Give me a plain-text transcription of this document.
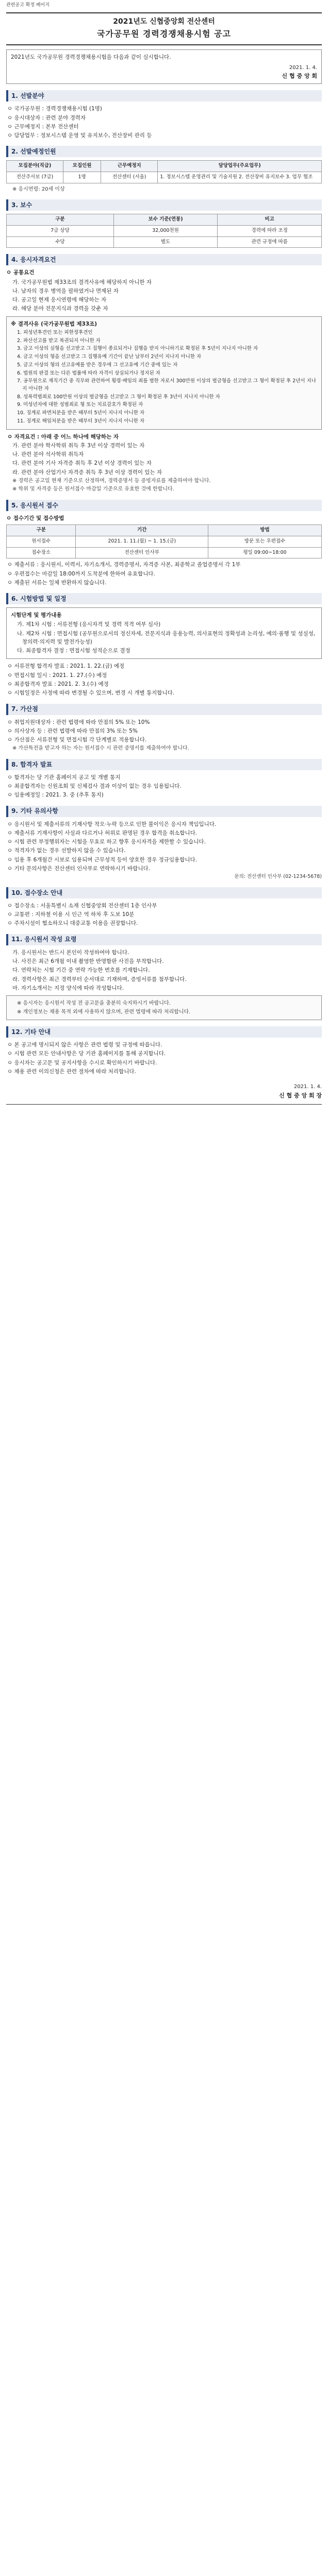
관련공고 확정 페이지
2021년도 신협중앙회 전산센터
국가공무원 경력경쟁채용시험 공고
2021년도 국가공무원 경력경쟁채용시험을 다음과 같이 실시합니다.
2021. 1. 4.
신 협 중 앙 회
1. 선발분야
ㅇ 국가공무원 : 경력경쟁채용시험 (1명)
ㅇ 응시대상자 : 관련 분야 경력자
ㅇ 근무예정지 : 본부 전산센터
ㅇ 담당업무 : 정보시스템 운영 및 유지보수, 전산장비 관리 등
2. 선발예정인원
모집분야(직급)	모집인원	근무예정지	담당업무(주요업무)
전산주사보 (7급)	1명	전산센터 (서울)	1. 정보시스템 운영관리 및 기술지원 2. 전산장비 유지보수 3. 업무 협조
※ 응시연령: 20세 이상
3. 보수
구분	보수 기준(연봉)	비고
7급 상당	32,000천원	경력에 따라 조정
수당	별도	관련 규정에 따름
4. 응시자격요건
ㅇ 공통요건
가. 국가공무원법 제33조의 결격사유에 해당하지 아니한 자
나. 남자의 경우 병역을 필하였거나 면제된 자
다. 공고일 현재 응시연령에 해당하는 자
라. 해당 분야 전문지식과 경력을 갖춘 자
※ 결격사유 (국가공무원법 제33조)
1. 피성년후견인 또는 피한정후견인
2. 파산선고를 받고 복권되지 아니한 자
3. 금고 이상의 실형을 선고받고 그 집행이 종료되거나 집행을 받지 아니하기로 확정된 후 5년이 지나지 아니한 자
4. 금고 이상의 형을 선고받고 그 집행유예 기간이 끝난 날부터 2년이 지나지 아니한 자
5. 금고 이상의 형의 선고유예를 받은 경우에 그 선고유예 기간 중에 있는 자
6. 법원의 판결 또는 다른 법률에 따라 자격이 상실되거나 정지된 자
7. 공무원으로 재직기간 중 직무와 관련하여 횡령·배임의 죄를 범한 자로서 300만원 이상의 벌금형을 선고받고 그 형이 확정된 후 2년이 지나지 아니한 자
8. 성폭력범죄로 100만원 이상의 벌금형을 선고받고 그 형이 확정된 후 3년이 지나지 아니한 자
9. 미성년자에 대한 성범죄로 형 또는 치료감호가 확정된 자
10. 징계로 파면처분을 받은 때부터 5년이 지나지 아니한 자
11. 징계로 해임처분을 받은 때부터 3년이 지나지 아니한 자
ㅇ 자격요건 : 아래 중 어느 하나에 해당하는 자
가. 관련 분야 학사학위 취득 후 3년 이상 경력이 있는 자
나. 관련 분야 석사학위 취득자
다. 관련 분야 기사 자격증 취득 후 2년 이상 경력이 있는 자
라. 관련 분야 산업기사 자격증 취득 후 3년 이상 경력이 있는 자
※ 경력은 공고일 현재 기준으로 산정하며, 경력증명서 등 증빙자료를 제출하여야 합니다.
※ 학위 및 자격증 등은 원서접수 마감일 기준으로 유효한 것에 한합니다.
5. 응시원서 접수
ㅇ 접수기간 및 접수방법
구분	기간	방법
원서접수	2021. 1. 11.(월) ~ 1. 15.(금)	방문 또는 우편접수
접수장소	전산센터 인사부	평일 09:00~18:00
ㅇ 제출서류 : 응시원서, 이력서, 자기소개서, 경력증명서, 자격증 사본, 최종학교 졸업증명서 각 1부
ㅇ 우편접수는 마감일 18:00까지 도착분에 한하여 유효합니다.
ㅇ 제출된 서류는 일체 반환하지 않습니다.
6. 시험방법 및 일정
시험단계 및 평가내용
가. 제1차 시험 : 서류전형 (응시자격 및 경력 적격 여부 심사)
나. 제2차 시험 : 면접시험 (공무원으로서의 정신자세, 전문지식과 응용능력, 의사표현의 정확성과 논리성, 예의·품행 및 성실성, 창의력·의지력 및 발전가능성)
다. 최종합격자 결정 : 면접시험 성적순으로 결정
ㅇ 서류전형 합격자 발표 : 2021. 1. 22.(금) 예정
ㅇ 면접시험 일시 : 2021. 1. 27.(수) 예정
ㅇ 최종합격자 발표 : 2021. 2. 3.(수) 예정
ㅇ 시험일정은 사정에 따라 변경될 수 있으며, 변경 시 개별 통지합니다.
7. 가산점
ㅇ 취업지원대상자 : 관련 법령에 따라 만점의 5% 또는 10%
ㅇ 의사상자 등 : 관련 법령에 따라 만점의 3% 또는 5%
ㅇ 가산점은 서류전형 및 면접시험 각 단계별로 적용합니다.
※ 가산특전을 받고자 하는 자는 원서접수 시 관련 증명서를 제출하여야 합니다.
8. 합격자 발표
ㅇ 합격자는 당 기관 홈페이지 공고 및 개별 통지
ㅇ 최종합격자는 신원조회 및 신체검사 결과 이상이 없는 경우 임용됩니다.
ㅇ 임용예정일 : 2021. 3. 중 (추후 통지)
9. 기타 유의사항
ㅇ 응시원서 및 제출서류의 기재사항 착오·누락 등으로 인한 불이익은 응시자 책임입니다.
ㅇ 제출서류 기재사항이 사실과 다르거나 허위로 판명된 경우 합격을 취소합니다.
ㅇ 시험 관련 부정행위자는 시험을 무효로 하고 향후 응시자격을 제한할 수 있습니다.
ㅇ 적격자가 없는 경우 선발하지 않을 수 있습니다.
ㅇ 임용 후 6개월간 시보로 임용되며 근무성적 등이 양호한 경우 정규임용합니다.
ㅇ 기타 문의사항은 전산센터 인사부로 연락하시기 바랍니다.
문의: 전산센터 인사부 (02-1234-5678)
10. 접수장소 안내
ㅇ 접수장소 : 서울특별시 소재 신협중앙회 전산센터 1층 인사부
ㅇ 교통편 : 지하철 이용 시 인근 역 하차 후 도보 10분
ㅇ 주차시설이 협소하오니 대중교통 이용을 권장합니다.
11. 응시원서 작성 요령
가. 응시원서는 반드시 본인이 작성하여야 합니다.
나. 사진은 최근 6개월 이내 촬영한 반명함판 사진을 부착합니다.
다. 연락처는 시험 기간 중 연락 가능한 번호를 기재합니다.
라. 경력사항은 최근 경력부터 순서대로 기재하며, 증빙서류를 첨부합니다.
마. 자기소개서는 지정 양식에 따라 작성합니다.
※ 응시자는 응시원서 작성 전 공고문을 충분히 숙지하시기 바랍니다.
※ 개인정보는 채용 목적 외에 사용하지 않으며, 관련 법령에 따라 처리합니다.
12. 기타 안내
ㅇ 본 공고에 명시되지 않은 사항은 관련 법령 및 규정에 따릅니다.
ㅇ 시험 관련 모든 안내사항은 당 기관 홈페이지를 통해 공지합니다.
ㅇ 응시자는 공고문 및 공지사항을 수시로 확인하시기 바랍니다.
ㅇ 채용 관련 이의신청은 관련 절차에 따라 처리합니다.
2021. 1. 4.
신 협 중 앙 회 장
